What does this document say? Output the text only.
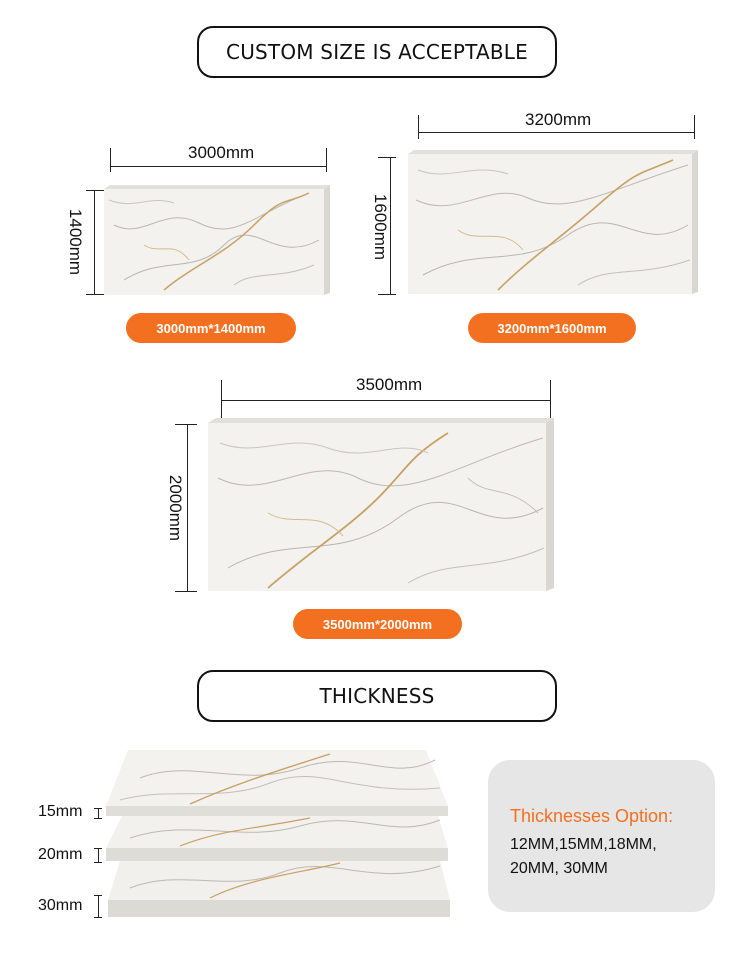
CUSTOM SIZE IS ACCEPTABLE
3000mm
1400mm
3000mm*1400mm
3200mm
1600mm
3200mm*1600mm
3500mm
2000mm
3500mm*2000mm
THICKNESS
15mm
20mm
30mm
Thicknesses Option:
12MM,15MM,18MM,
20MM, 30MM
